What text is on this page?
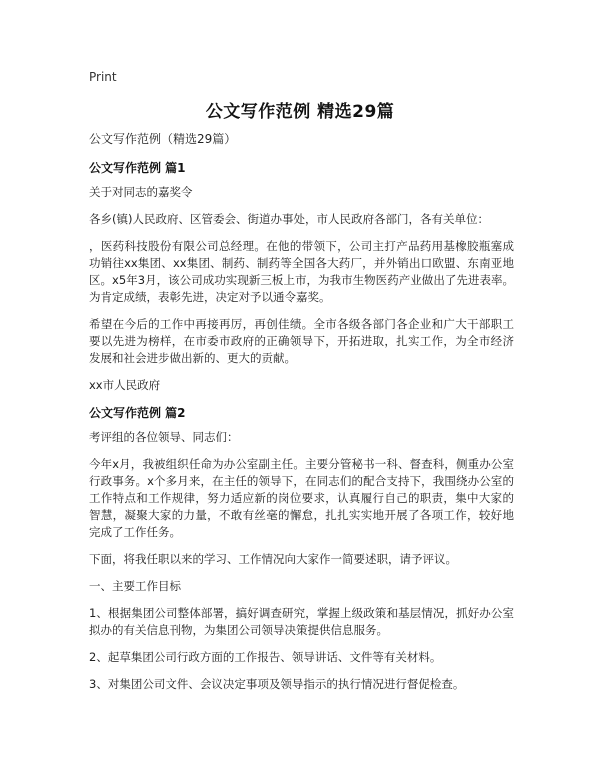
Print
公文写作范例 精选29篇
公文写作范例（精选29篇）
公文写作范例 篇1
关于对同志的嘉奖令
各乡(镇)人民政府、区管委会、街道办事处，市人民政府各部门，各有关单位：
，医药科技股份有限公司总经理。在他的带领下，公司主打产品药用基橡胶瓶塞成功销往xx集团、xx集团、制药、制药等全国各大药厂，并外销出口欧盟、东南亚地区。x5年3月，该公司成功实现新三板上市，为我市生物医药产业做出了先进表率。为肯定成绩，表彰先进，决定对予以通令嘉奖。
希望在今后的工作中再接再厉，再创佳绩。全市各级各部门各企业和广大干部职工要以先进为榜样，在市委市政府的正确领导下，开拓进取，扎实工作，为全市经济发展和社会进步做出新的、更大的贡献。
xx市人民政府
公文写作范例 篇2
考评组的各位领导、同志们：
今年x月，我被组织任命为办公室副主任。主要分管秘书一科、督查科，侧重办公室行政事务。x个多月来，在主任的领导下，在同志们的配合支持下，我围绕办公室的工作特点和工作规律，努力适应新的岗位要求，认真履行自己的职责，集中大家的智慧，凝聚大家的力量，不敢有丝毫的懈怠，扎扎实实地开展了各项工作，较好地完成了工作任务。
下面，将我任职以来的学习、工作情况向大家作一简要述职，请予评议。
一、主要工作目标
1、根据集团公司整体部署，搞好调查研究，掌握上级政策和基层情况，抓好办公室拟办的有关信息刊物，为集团公司领导决策提供信息服务。
2、起草集团公司行政方面的工作报告、领导讲话、文件等有关材料。
3、对集团公司文件、会议决定事项及领导指示的执行情况进行督促检查。
